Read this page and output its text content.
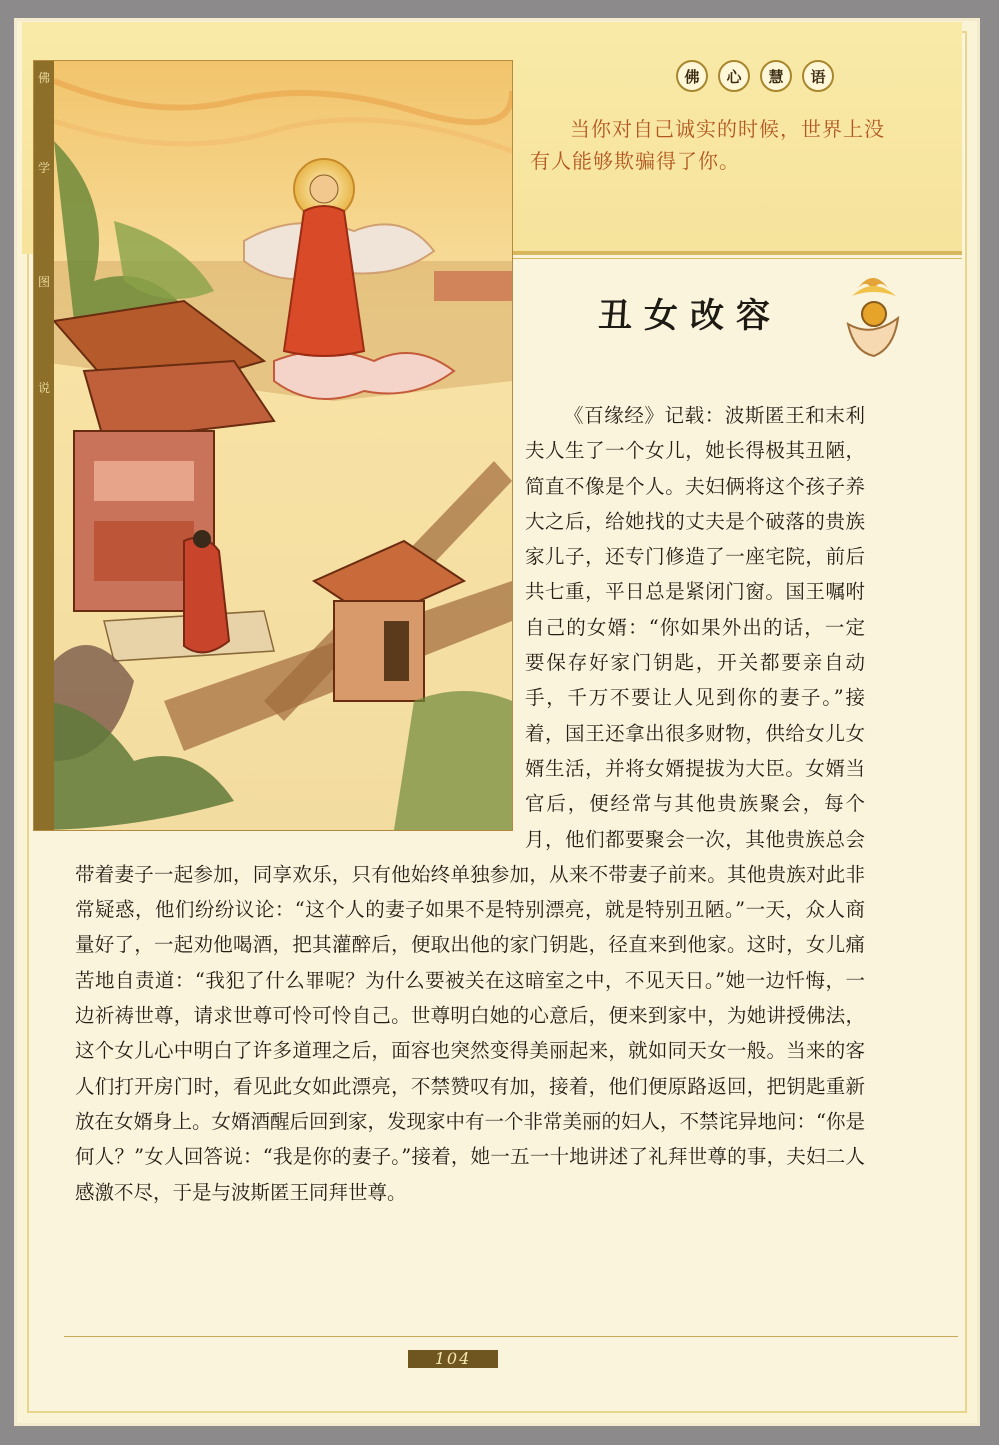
佛	心	慧	语
当你对自己诚实的时候，世界上没有人能够欺骗得了你。
佛
学
图
说
丑女改容

《百缘经》记载：波斯匿王和末利夫人生了一个女儿，她长得极其丑陋，简直不像是个人。夫妇俩将这个孩子养大之后，给她找的丈夫是个破落的贵族家儿子，还专门修造了一座宅院，前后共七重，平日总是紧闭门窗。国王嘱咐自己的女婿：“你如果外出的话，一定要保存好家门钥匙，开关都要亲自动手，千万不要让人见到你的妻子。”接着，国王还拿出很多财物，供给女儿女婿生活，并将女婿提拔为大臣。女婿当官后，便经常与其他贵族聚会，每个月，他们都要聚会一次，其他贵族总会带着妻子一起参加，同享欢乐，只有他始终单独参加，从来不带妻子前来。其他贵族对此非常疑惑，他们纷纷议论：“这个人的妻子如果不是特别漂亮，就是特别丑陋。”一天，众人商量好了，一起劝他喝酒，把其灌醉后，便取出他的家门钥匙，径直来到他家。这时，女儿痛苦地自责道：“我犯了什么罪呢？为什么要被关在这暗室之中，不见天日。”她一边忏悔，一边祈祷世尊，请求世尊可怜可怜自己。世尊明白她的心意后，便来到家中，为她讲授佛法，这个女儿心中明白了许多道理之后，面容也突然变得美丽起来，就如同天女一般。当来的客人们打开房门时，看见此女如此漂亮，不禁赞叹有加，接着，他们便原路返回，把钥匙重新放在女婿身上。女婿酒醒后回到家，发现家中有一个非常美丽的妇人，不禁诧异地问：“你是何人？”女人回答说：“我是你的妻子。”接着，她一五一十地讲述了礼拜世尊的事，夫妇二人感激不尽，于是与波斯匿王同拜世尊。

104
